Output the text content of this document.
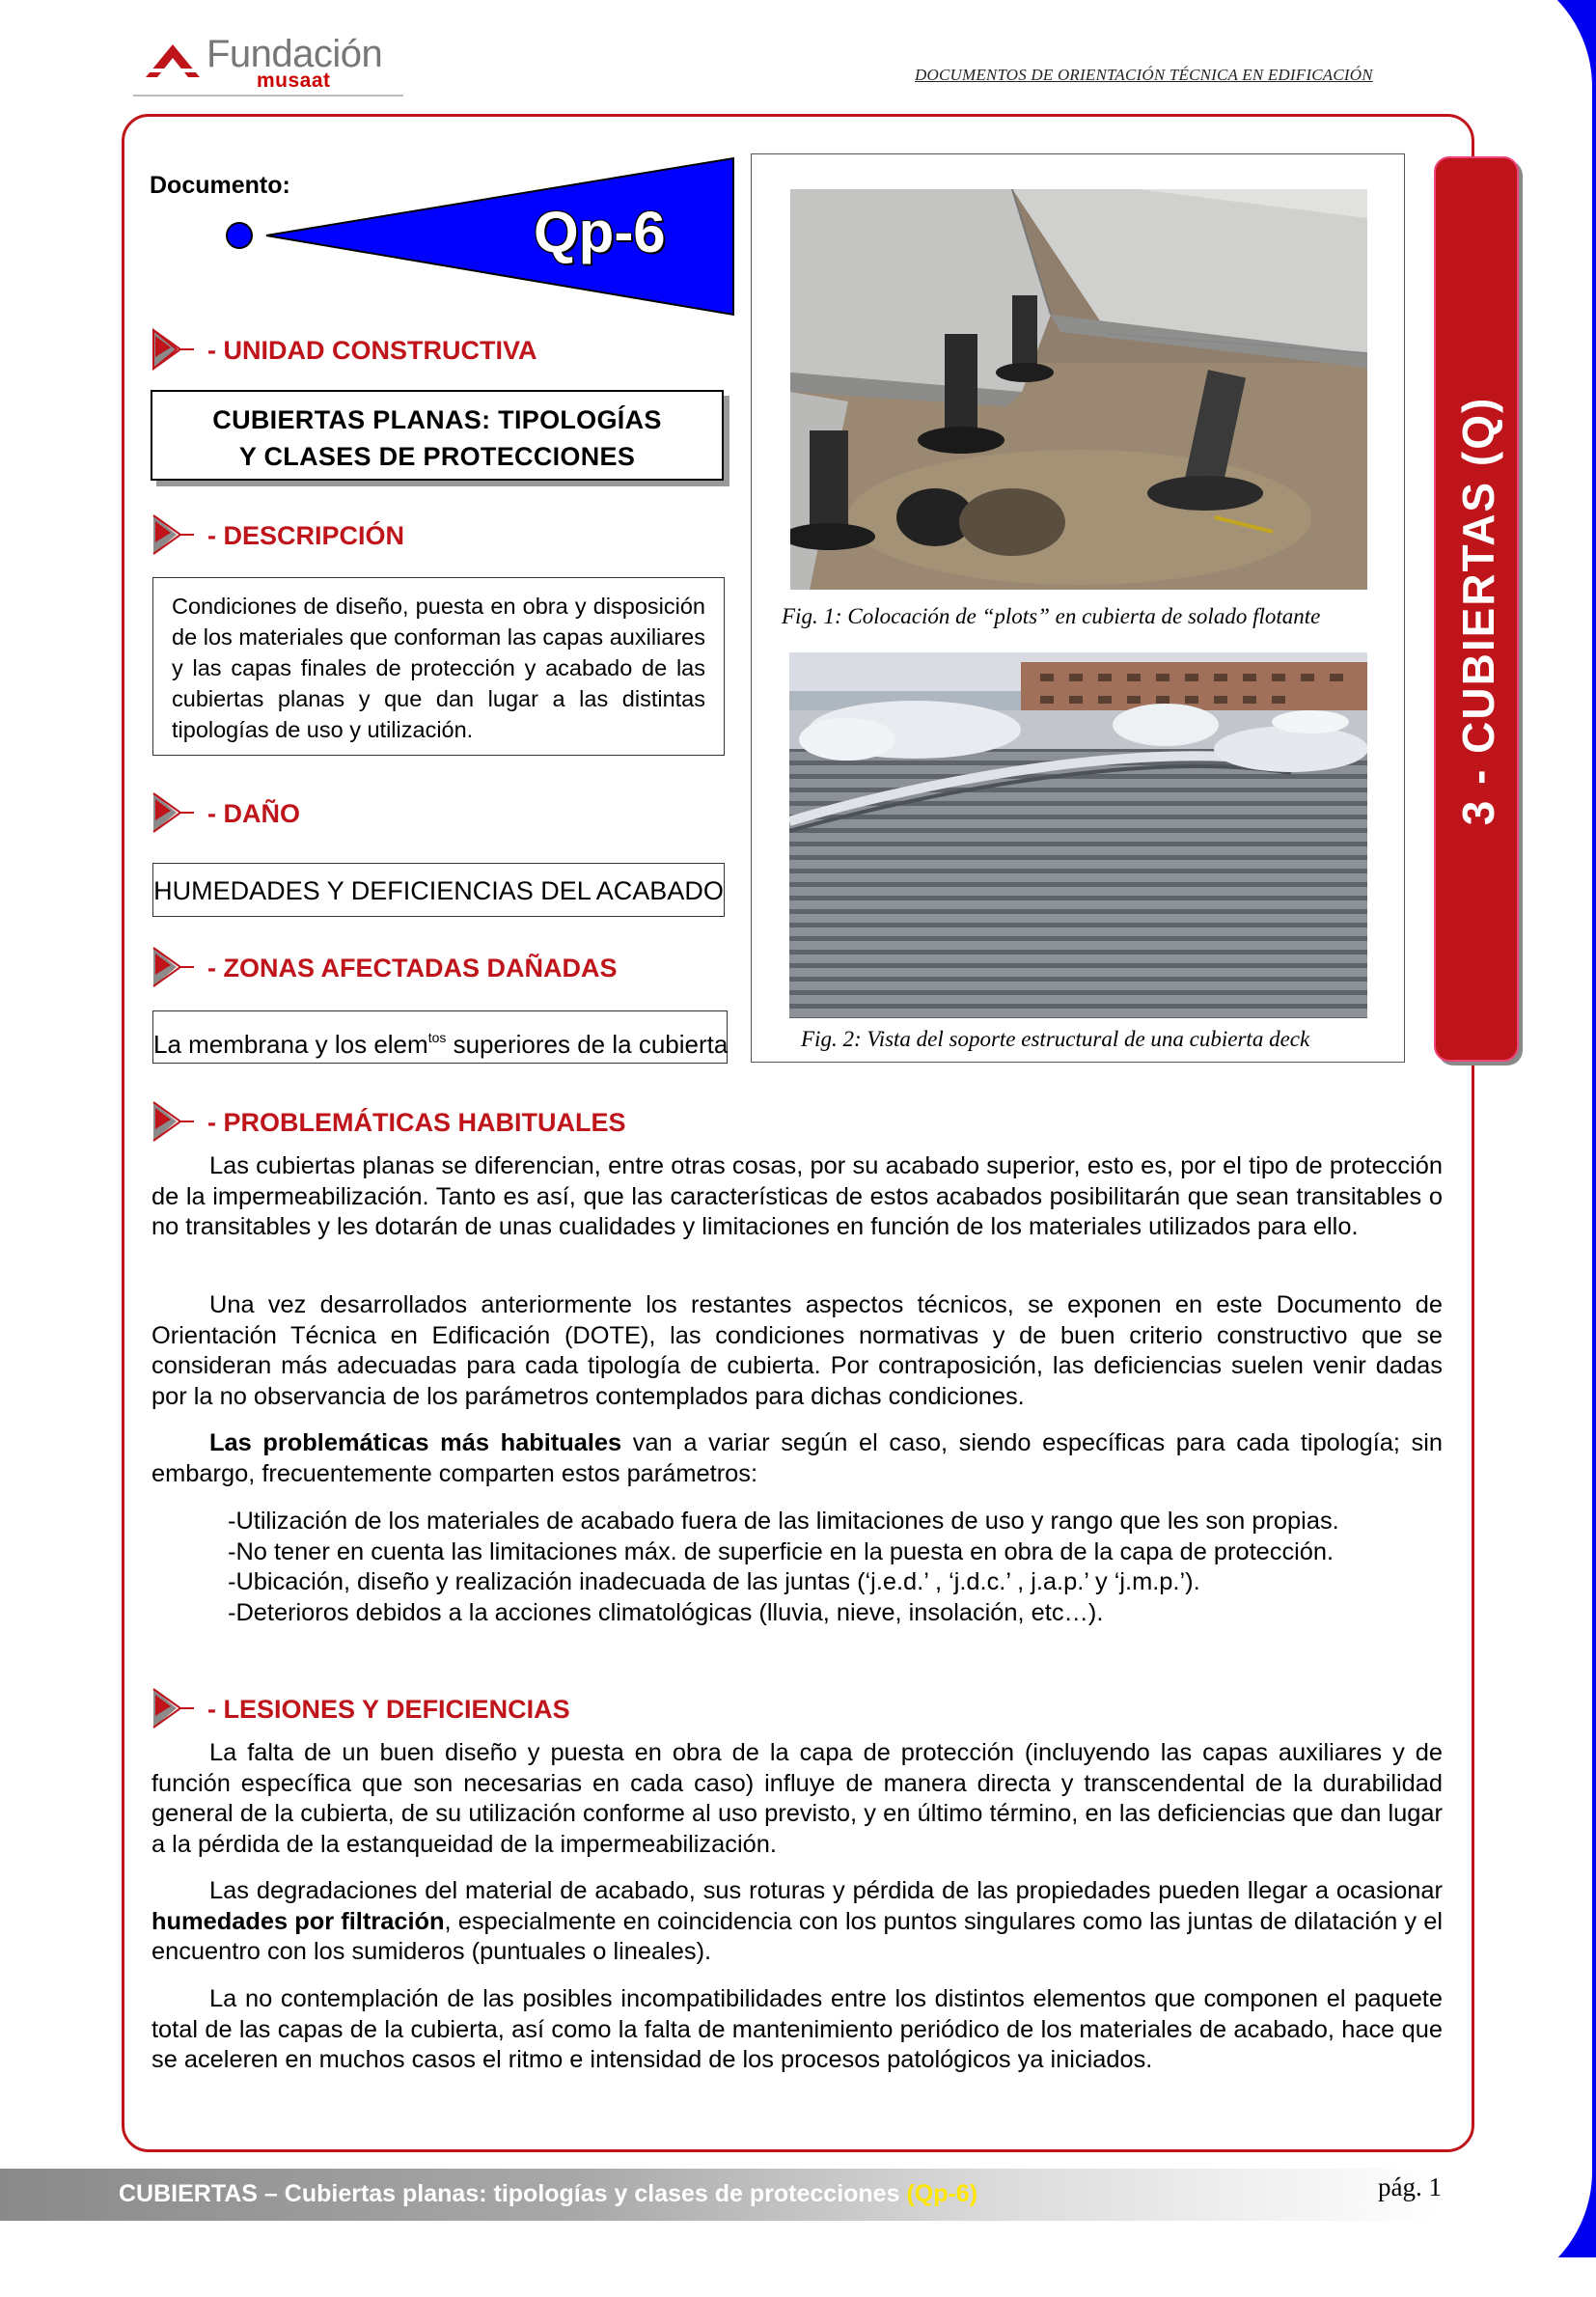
Fundación
musaat	DOCUMENTOS DE ORIENTACIÓN TÉCNICA EN EDIFICACIÓN
Documento:
Qp-6
- UNIDAD CONSTRUCTIVA
CUBIERTAS PLANAS: TIPOLOGÍAS
Y CLASES DE PROTECCIONES
- DESCRIPCIÓN
Condiciones de diseño, puesta en obra y disposición de los materiales que conforman las capas auxiliares y las capas finales de protección y acabado de las cubiertas planas y que dan lugar a las distintas tipologías de uso y utilización.
- DAÑO
HUMEDADES Y DEFICIENCIAS DEL ACABADO
- ZONAS AFECTADAS DAÑADAS
La membrana y los elem$^{tos}$ superiores de la cubierta
Fig. 1: Colocación de “plots” en cubierta de solado flotante
Fig. 2: Vista del soporte estructural de una cubierta deck
3 - CUBIERTAS (Q)
- PROBLEMÁTICAS HABITUALES
Las cubiertas planas se diferencian, entre otras cosas, por su acabado superior, esto es, por el tipo de protección de la impermeabilización. Tanto es así, que las características de estos acabados posibilitarán que sean transitables o no transitables y les dotarán de unas cualidades y limitaciones en función de los materiales utilizados para ello.
Una vez desarrollados anteriormente los restantes aspectos técnicos, se exponen en este Documento de Orientación Técnica en Edificación (DOTE), las condiciones normativas y de buen criterio constructivo que se consideran más adecuadas para cada tipología de cubierta. Por contraposición, las deficiencias suelen venir dadas por la no observancia de los parámetros contemplados para dichas condiciones.
Las problemáticas más habituales van a variar según el caso, siendo específicas para cada tipología; sin embargo, frecuentemente comparten estos parámetros:
-Utilización de los materiales de acabado fuera de las limitaciones de uso y rango que les son propias.
-No tener en cuenta las limitaciones máx. de superficie en la puesta en obra de la capa de protección.
-Ubicación, diseño y realización inadecuada de las juntas (‘j.e.d.’ , ‘j.d.c.’ , j.a.p.’ y ‘j.m.p.’).
-Deterioros debidos a la acciones climatológicas (lluvia, nieve, insolación, etc…).
- LESIONES Y DEFICIENCIAS
La falta de un buen diseño y puesta en obra de la capa de protección (incluyendo las capas auxiliares y de función específica que son necesarias en cada caso) influye de manera directa y transcendental de la durabilidad general de la cubierta, de su utilización conforme al uso previsto, y en último término, en las deficiencias que dan lugar a la pérdida de la estanqueidad de la impermeabilización.
Las degradaciones del material de acabado, sus roturas y pérdida de las propiedades pueden llegar a ocasionar humedades por filtración, especialmente en coincidencia con los puntos singulares como las juntas de dilatación y el encuentro con los sumideros (puntuales o lineales).
La no contemplación de las posibles incompatibilidades entre los distintos elementos que componen el paquete total de las capas de la cubierta, así como la falta de mantenimiento periódico de los materiales de acabado, hace que se aceleren en muchos casos el ritmo e intensidad de los procesos patológicos ya iniciados.
CUBIERTAS – Cubiertas planas: tipologías y clases de protecciones (Qp-6)	pág. 1
